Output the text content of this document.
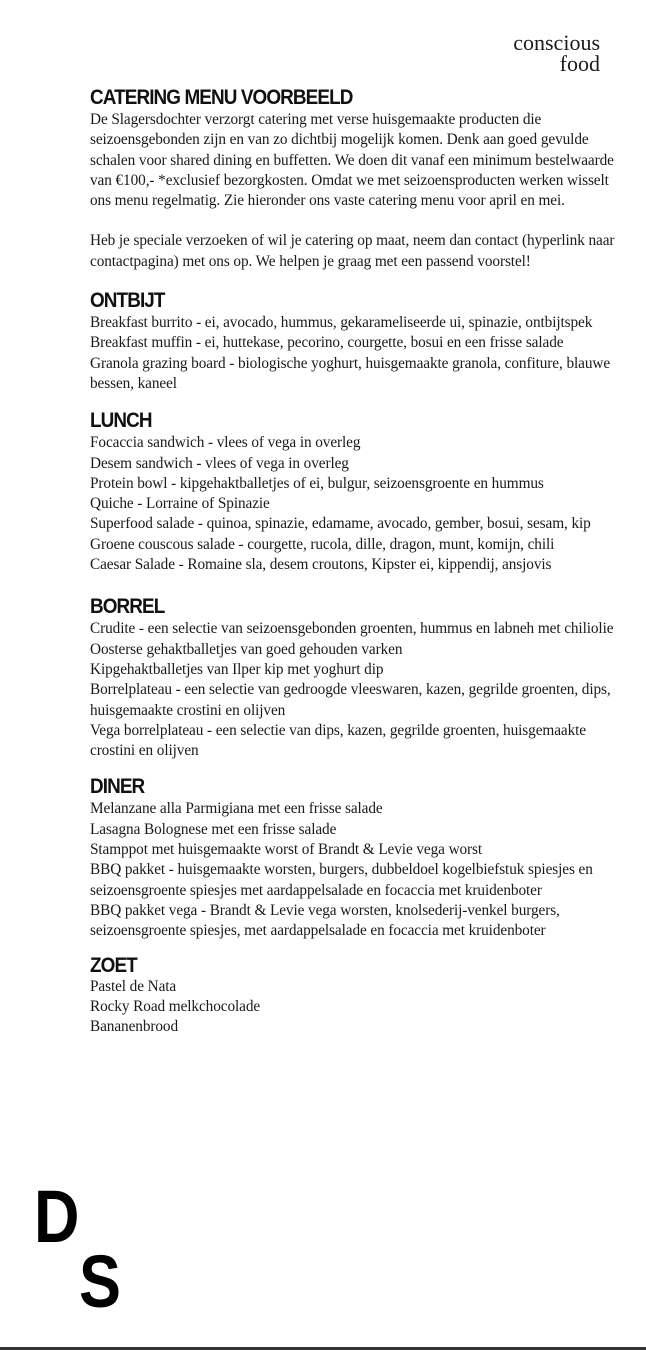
conscious
food
CATERING MENU VOORBEELD

De Slagersdochter verzorgt catering met verse huisgemaakte producten die seizoensgebonden zijn en van zo dichtbij mogelijk komen. Denk aan goed gevulde schalen voor shared dining en buffetten. We doen dit vanaf een minimum bestelwaarde van €100,- *exclusief bezorgkosten. Omdat we met seizoensproducten werken wisselt ons menu regelmatig. Zie hieronder ons vaste catering menu voor april en mei.

Heb je speciale verzoeken of wil je catering op maat, neem dan contact (hyperlink naar contactpagina) met ons op. We helpen je graag met een passend voorstel!

ONTBIJT
Breakfast burrito - ei, avocado, hummus, gekarameliseerde ui, spinazie, ontbijtspek
Breakfast muffin - ei, huttekase, pecorino, courgette, bosui en een frisse salade
Granola grazing board - biologische yoghurt, huisgemaakte granola, confiture, blauwe bessen, kaneel
LUNCH
Focaccia sandwich - vlees of vega in overleg
Desem sandwich - vlees of vega in overleg
Protein bowl - kipgehaktballetjes of ei, bulgur, seizoensgroente en hummus
Quiche - Lorraine of Spinazie
Superfood salade - quinoa, spinazie, edamame, avocado, gember, bosui, sesam, kip
Groene couscous salade - courgette, rucola, dille, dragon, munt, komijn, chili
Caesar Salade - Romaine sla, desem croutons, Kipster ei, kippendij, ansjovis
BORREL
Crudite - een selectie van seizoensgebonden groenten, hummus en labneh met chiliolie
Oosterse gehaktballetjes van goed gehouden varken
Kipgehaktballetjes van Ilper kip met yoghurt dip
Borrelplateau - een selectie van gedroogde vleeswaren, kazen, gegrilde groenten, dips, huisgemaakte crostini en olijven
Vega borrelplateau - een selectie van dips, kazen, gegrilde groenten, huisgemaakte crostini en olijven
DINER
Melanzane alla Parmigiana met een frisse salade
Lasagna Bolognese met een frisse salade
Stamppot met huisgemaakte worst of Brandt & Levie vega worst
BBQ pakket - huisgemaakte worsten, burgers, dubbeldoel kogelbiefstuk spiesjes en seizoensgroente spiesjes met aardappelsalade en focaccia met kruidenboter
BBQ pakket vega - Brandt & Levie vega worsten, knolsederij-venkel burgers, seizoensgroente spiesjes, met aardappelsalade en focaccia met kruidenboter
ZOET
Pastel de Nata
Rocky Road melkchocolade
Bananenbrood
D
S
